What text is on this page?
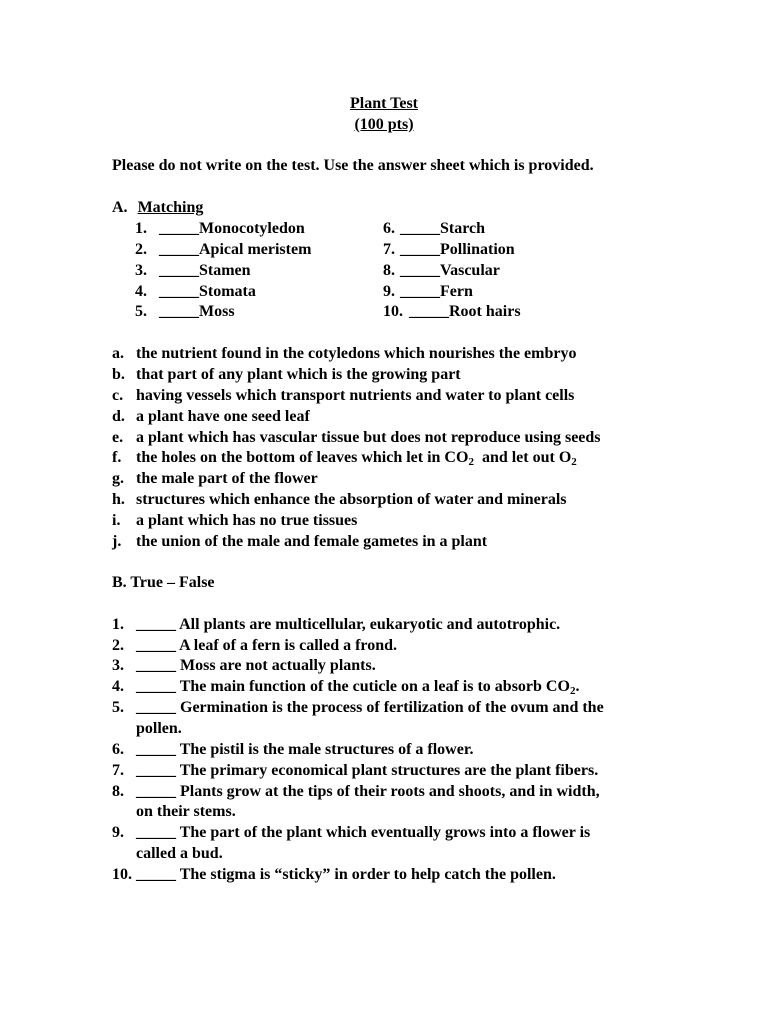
Plant Test
(100 pts)
Please do not write on the test. Use the answer sheet which is provided.
A. Matching
1. _____Monocotyledon
2. _____Apical meristem
3. _____Stamen
4. _____Stomata
5. _____Moss
6. _____Starch
7. _____Pollination
8. _____Vascular
9. _____Fern
10. _____Root hairs
a. the nutrient found in the cotyledons which nourishes the embryo
b. that part of any plant which is the growing part
c. having vessels which transport nutrients and water to plant cells
d. a plant have one seed leaf
e. a plant which has vascular tissue but does not reproduce using seeds
f. the holes on the bottom of leaves which let in $CO_2$  and let out $O_2$
g. the male part of the flower
h. structures which enhance the absorption of water and minerals
i. a plant which has no true tissues
j. the union of the male and female gametes in a plant
B. True – False
1. _____ All plants are multicellular, eukaryotic and autotrophic.
2. _____ A leaf of a fern is called a frond.
3. _____ Moss are not actually plants.
4. _____ The main function of the cuticle on a leaf is to absorb $CO_2$.
5. _____ Germination is the process of fertilization of the ovum and the
pollen.
6. _____ The pistil is the male structures of a flower.
7. _____ The primary economical plant structures are the plant fibers.
8. _____ Plants grow at the tips of their roots and shoots, and in width,
on their stems.
9. _____ The part of the plant which eventually grows into a flower is
called a bud.
10. _____ The stigma is “sticky” in order to help catch the pollen.
